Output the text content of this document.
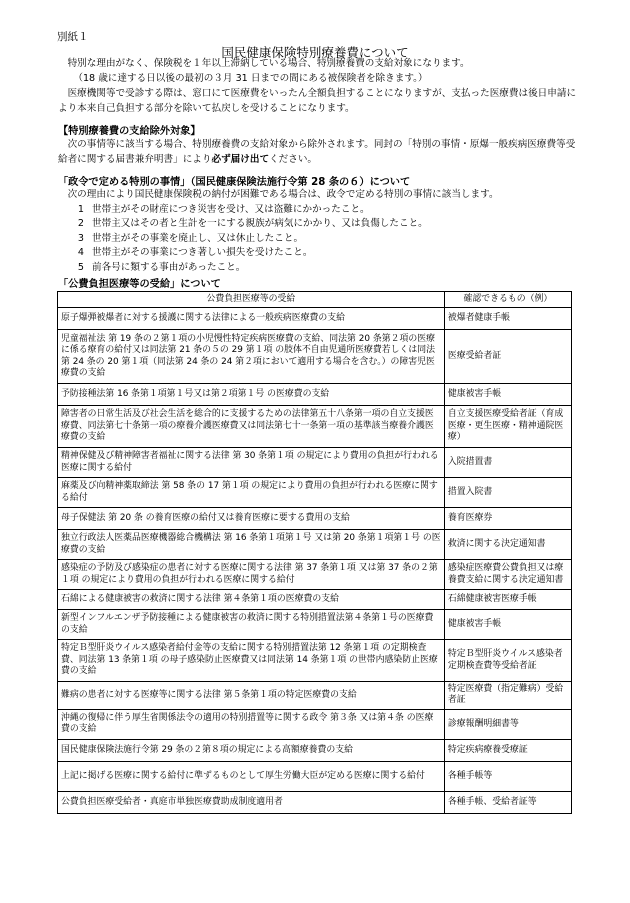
別紙１
国民健康保険特別療養費について

特別な理由がなく、保険税を１年以上滞納している場合、特別療養費の支給対象になります。

（18 歳に達する日以後の最初の３月 31 日までの間にある被保険者を除きます。）

医療機関等で受診する際は、窓口にて医療費をいったん全額負担することになりますが、支払った医療費は後日申請により本来自己負担する部分を除いて払戻しを受けることになります。

【特別療養費の支給除外対象】

次の事情等に該当する場合、特別療養費の支給対象から除外されます。同封の「特別の事情・原爆一般疾病医療費等受給者に関する届書兼弁明書」により必ず届け出てください。

「政令で定める特別の事情」（国民健康保険法施行令第 28 条の６）について
次の理由により国民健康保険税の納付が困難である場合は、政令で定める特別の事情に該当します。
1 世帯主がその財産につき災害を受け、又は盗難にかかったこと。
2 世帯主又はその者と生計を一にする親族が病気にかかり、又は負傷したこと。
3 世帯主がその事業を廃止し、又は休止したこと。
4 世帯主がその事業につき著しい損失を受けたこと。
5 前各号に類する事由があったこと。
「公費負担医療等の受給」について
公費負担医療等の受給	確認できるもの（例）
原子爆弾被爆者に対する援護に関する法律による一般疾病医療費の支給	被爆者健康手帳
児童福祉法 第 19 条の２第１項の小児慢性特定疾病医療費の支給、同法第 20 条第２項の医療に係る療育の給付又は同法第 21 条の５の 29 第１項 の肢体不自由児通所医療費若しくは同法第 24 条の 20 第１項（同法第 24 条の 24 第２項において適用する場合を含む。）の障害児医療費の支給	医療受給者証
予防接種法第 16 条第１項第１号又は第２項第１号 の医療費の支給	健康被害手帳
障害者の日常生活及び社会生活を総合的に支援するための法律第五十八条第一項の自立支援医療費、同法第七十条第一項の療養介護医療費又は同法第七十一条第一項の基準該当療養介護医療費の支給	自立支援医療受給者証（育成医療・更生医療・精神通院医療）
精神保健及び精神障害者福祉に関する法律 第 30 条第１項 の規定により費用の負担が行われる医療に関する給付	入院措置書
麻薬及び向精神薬取締法 第 58 条の 17 第１項 の規定により費用の負担が行われる医療に関する給付	措置入院書
母子保健法 第 20 条 の養育医療の給付又は養育医療に要する費用の支給	養育医療券
独立行政法人医薬品医療機器総合機構法 第 16 条第１項第１号 又は第 20 条第１項第１号 の医療費の支給	救済に関する決定通知書
感染症の予防及び感染症の患者に対する医療に関する法律 第 37 条第１項 又は第 37 条の２第１項 の規定により費用の負担が行われる医療に関する給付	感染症医療費公費負担又は療養費支給に関する決定通知書
石綿による健康被害の救済に関する法律 第４条第１項の医療費の支給	石綿健康被害医療手帳
新型インフルエンザ予防接種による健康被害の救済に関する特別措置法第４条第１号の医療費の支給	健康被害手帳
特定Ｂ型肝炎ウイルス感染者給付金等の支給に関する特別措置法第 12 条第１項 の定期検査費、同法第 13 条第１項 の母子感染防止医療費又は同法第 14 条第１項 の世帯内感染防止医療費の支給	特定Ｂ型肝炎ウイルス感染者定期検査費等受給者証
難病の患者に対する医療等に関する法律 第５条第１項の特定医療費の支給	特定医療費（指定難病）受給者証
沖縄の復帰に伴う厚生省関係法令の適用の特別措置等に関する政令 第３条 又は第４条 の医療費の支給	診療報酬明細書等
国民健康保険法施行令第 29 条の２第８項の規定による高額療養費の支給	特定疾病療養受療証
上記に掲げる医療に関する給付に準ずるものとして厚生労働大臣が定める医療に関する給付	各種手帳等
公費負担医療受給者・真庭市単独医療費助成制度適用者	各種手帳、受給者証等
